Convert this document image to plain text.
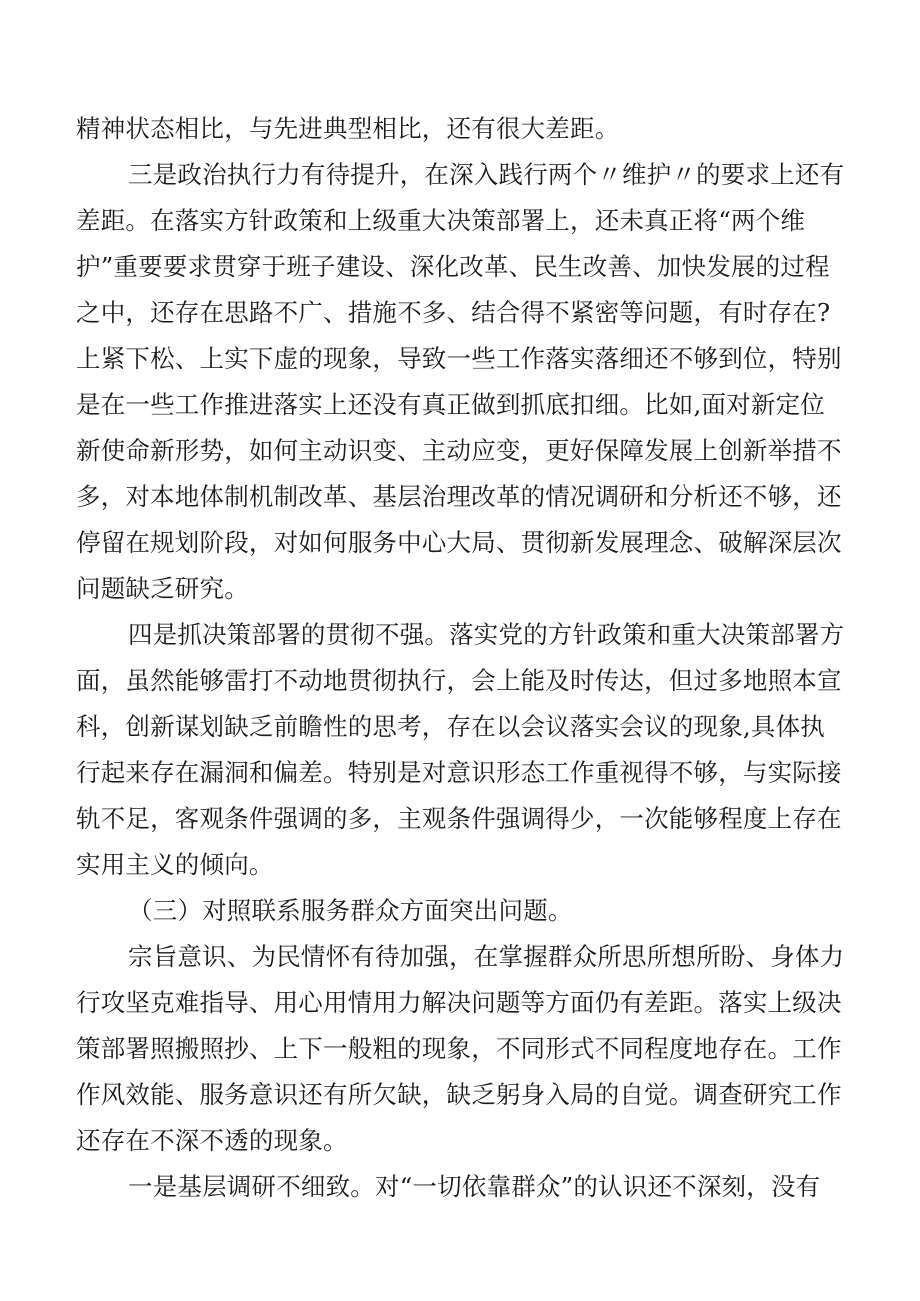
精神状态相比，与先进典型相比，还有很大差距。
三是政治执行力有待提升，在深入践行两个〃维护〃的要求上还有
差距。在落实方针政策和上级重大决策部署上，还未真正将“两个维
护”重要要求贯穿于班子建设、深化改革、民生改善、加快发展的过程
之中，还存在思路不广、措施不多、结合得不紧密等问题，有时存在?
上紧下松、上实下虚的现象，导致一些工作落实落细还不够到位，特别
是在一些工作推进落实上还没有真正做到抓底扣细。比如,面对新定位
新使命新形势，如何主动识变、主动应变，更好保障发展上创新举措不
多，对本地体制机制改革、基层治理改革的情况调研和分析还不够，还
停留在规划阶段，对如何服务中心大局、贯彻新发展理念、破解深层次
问题缺乏研究。
四是抓决策部署的贯彻不强。落实党的方针政策和重大决策部署方
面，虽然能够雷打不动地贯彻执行，会上能及时传达，但过多地照本宣
科，创新谋划缺乏前瞻性的思考，存在以会议落实会议的现象,具体执
行起来存在漏洞和偏差。特别是对意识形态工作重视得不够，与实际接
轨不足，客观条件强调的多，主观条件强调得少，一次能够程度上存在
实用主义的倾向。
（三）对照联系服务群众方面突出问题。
宗旨意识、为民情怀有待加强，在掌握群众所思所想所盼、身体力
行攻坚克难指导、用心用情用力解决问题等方面仍有差距。落实上级决
策部署照搬照抄、上下一般粗的现象，不同形式不同程度地存在。工作
作风效能、服务意识还有所欠缺，缺乏躬身入局的自觉。调查研究工作
还存在不深不透的现象。
一是基层调研不细致。对“一切依靠群众”的认识还不深刻，没有
